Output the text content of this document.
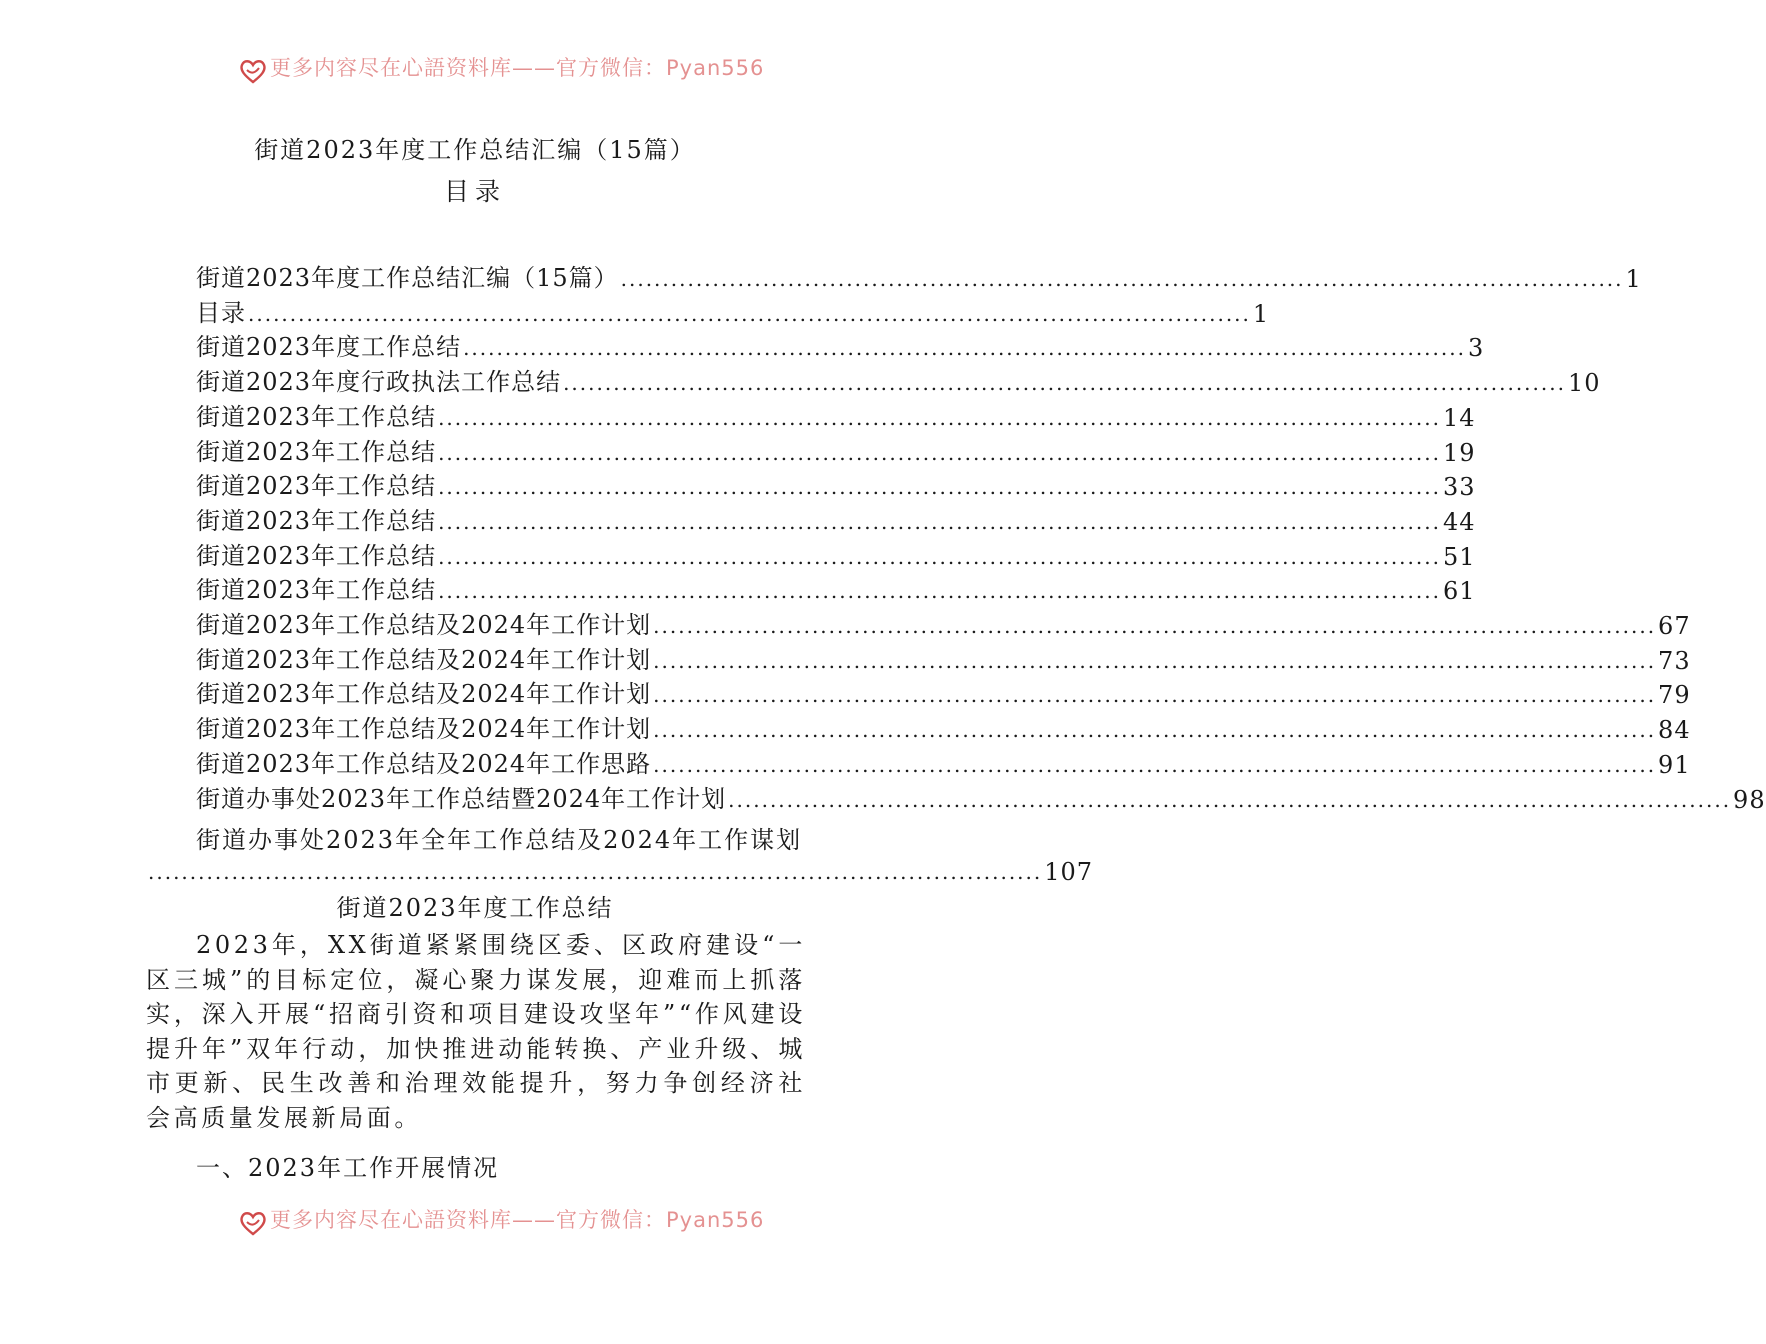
更多内容尽在心語资料库——官方微信：Pyan556
街道2023年度工作总结汇编（15篇）
目录
街道2023年度工作总结汇编（15篇） ........................................................................................................................ 1
目录 ........................................................................................................................ 1
街道2023年度工作总结 ........................................................................................................................ 3
街道2023年度行政执法工作总结 ........................................................................................................................ 10
街道2023年工作总结 ........................................................................................................................ 14
街道2023年工作总结 ........................................................................................................................ 19
街道2023年工作总结 ........................................................................................................................ 33
街道2023年工作总结 ........................................................................................................................ 44
街道2023年工作总结 ........................................................................................................................ 51
街道2023年工作总结 ........................................................................................................................ 61
街道2023年工作总结及2024年工作计划 ........................................................................................................................ 67
街道2023年工作总结及2024年工作计划 ........................................................................................................................ 73
街道2023年工作总结及2024年工作计划 ........................................................................................................................ 79
街道2023年工作总结及2024年工作计划 ........................................................................................................................ 84
街道2023年工作总结及2024年工作思路 ........................................................................................................................ 91
街道办事处2023年工作总结暨2024年工作计划 ........................................................................................................................ 98
街道办事处2023年全年工作总结及2024年工作谋划
........................................................................................................... 107
街道2023年度工作总结
2023年，XX街道紧紧围绕区委、区政府建设“一区三城”的目标定位，凝心聚力谋发展，迎难而上抓落实，深入开展“招商引资和项目建设攻坚年”“作风建设提升年”双年行动，加快推进动能转换、产业升级、城市更新、民生改善和治理效能提升，努力争创经济社会高质量发展新局面。
一、2023年工作开展情况
更多内容尽在心語资料库——官方微信：Pyan556
